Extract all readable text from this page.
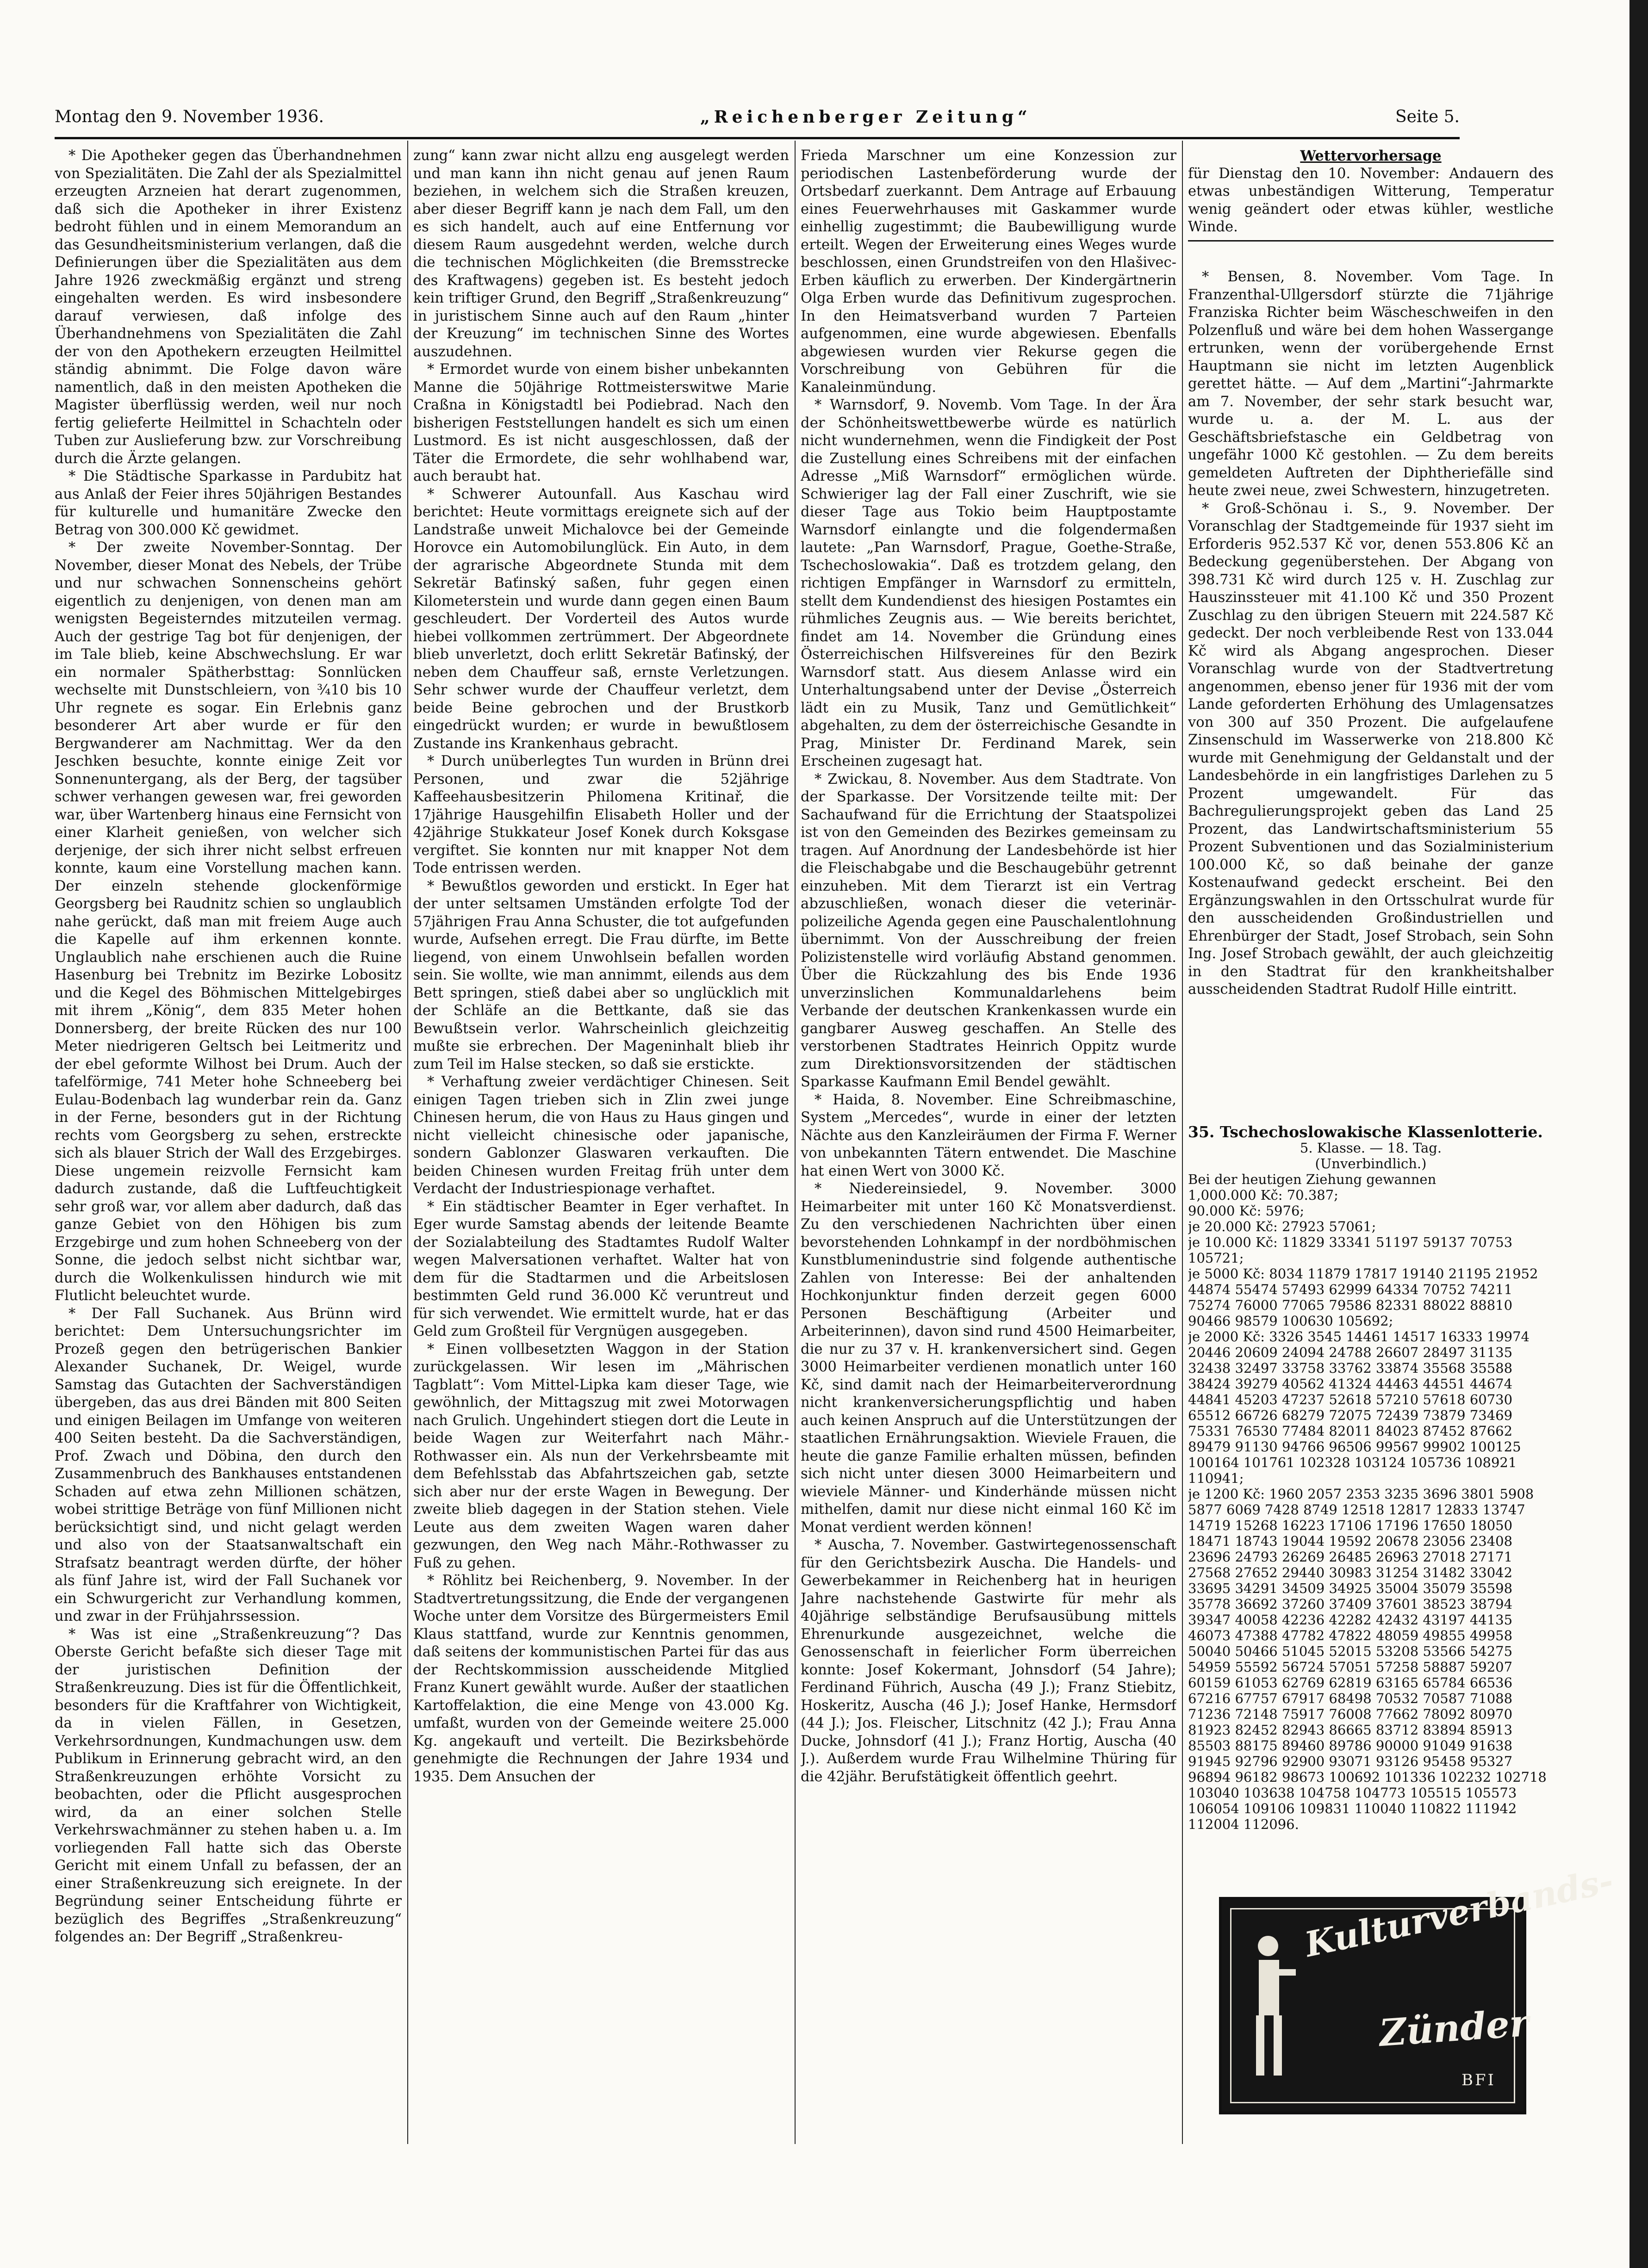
Montag den 9. November 1936.	„Reichenberger Zeitung“	Seite 5.

* Die Apotheker gegen das Überhandnehmen von Spezialitäten. Die Zahl der als Spezialmittel erzeugten Arzneien hat derart zugenommen, daß sich die Apotheker in ihrer Existenz bedroht fühlen und in einem Memorandum an das Gesundheitsministerium verlangen, daß die Definierungen über die Spezialitäten aus dem Jahre 1926 zweckmäßig ergänzt und streng eingehalten werden. Es wird insbesondere darauf verwiesen, daß infolge des Überhandnehmens von Spezialitäten die Zahl der von den Apothekern erzeugten Heilmittel ständig abnimmt. Die Folge davon wäre namentlich, daß in den meisten Apotheken die Magister überflüssig werden, weil nur noch fertig gelieferte Heilmittel in Schachteln oder Tuben zur Auslieferung bzw. zur Vorschreibung durch die Ärzte gelangen.

* Die Städtische Sparkasse in Pardubitz hat aus Anlaß der Feier ihres 50jährigen Bestandes für kulturelle und humanitäre Zwecke den Betrag von 300.000 Kč gewidmet.

* Der zweite November-Sonntag. Der November, dieser Monat des Nebels, der Trübe und nur schwachen Sonnenscheins gehört eigentlich zu denjenigen, von denen man am wenigsten Begeisterndes mitzuteilen vermag. Auch der gestrige Tag bot für denjenigen, der im Tale blieb, keine Abschwechslung. Er war ein normaler Spätherbsttag: Sonnlücken wechselte mit Dunstschleiern, von ¾10 bis 10 Uhr regnete es sogar. Ein Erlebnis ganz besonderer Art aber wurde er für den Bergwanderer am Nachmittag. Wer da den Jeschken besuchte, konnte einige Zeit vor Sonnenuntergang, als der Berg, der tagsüber schwer verhangen gewesen war, frei geworden war, über Wartenberg hinaus eine Fernsicht von einer Klarheit genießen, von welcher sich derjenige, der sich ihrer nicht selbst erfreuen konnte, kaum eine Vorstellung machen kann. Der einzeln stehende glockenförmige Georgsberg bei Raudnitz schien so unglaublich nahe gerückt, daß man mit freiem Auge auch die Kapelle auf ihm erkennen konnte. Unglaublich nahe erschienen auch die Ruine Hasenburg bei Trebnitz im Bezirke Lobositz und die Kegel des Böhmischen Mittelgebirges mit ihrem „König“, dem 835 Meter hohen Donnersberg, der breite Rücken des nur 100 Meter niedrigeren Geltsch bei Leitmeritz und der ebel geformte Wilhost bei Drum. Auch der tafelförmige, 741 Meter hohe Schneeberg bei Eulau-Bodenbach lag wunderbar rein da. Ganz in der Ferne, besonders gut in der Richtung rechts vom Georgsberg zu sehen, erstreckte sich als blauer Strich der Wall des Erzgebirges. Diese ungemein reizvolle Fernsicht kam dadurch zustande, daß die Luftfeuchtigkeit sehr groß war, vor allem aber dadurch, daß das ganze Gebiet von den Höhigen bis zum Erzgebirge und zum hohen Schneeberg von der Sonne, die jedoch selbst nicht sichtbar war, durch die Wolkenkulissen hindurch wie mit Flutlicht beleuchtet wurde.

* Der Fall Suchanek. Aus Brünn wird berichtet: Dem Untersuchungsrichter im Prozeß gegen den betrügerischen Bankier Alexander Suchanek, Dr. Weigel, wurde Samstag das Gutachten der Sachverständigen übergeben, das aus drei Bänden mit 800 Seiten und einigen Beilagen im Umfange von weiteren 400 Seiten besteht. Da die Sachverständigen, Prof. Zwach und Döbina, den durch den Zusammenbruch des Bankhauses entstandenen Schaden auf etwa zehn Millionen schätzen, wobei strittige Beträge von fünf Millionen nicht berücksichtigt sind, und nicht gelagt werden und also von der Staatsanwaltschaft ein Strafsatz beantragt werden dürfte, der höher als fünf Jahre ist, wird der Fall Suchanek vor ein Schwurgericht zur Verhandlung kommen, und zwar in der Frühjahrssession.

* Was ist eine „Straßenkreuzung“? Das Oberste Gericht befaßte sich dieser Tage mit der juristischen Definition der Straßenkreuzung. Dies ist für die Öffentlichkeit, besonders für die Kraftfahrer von Wichtigkeit, da in vielen Fällen, in Gesetzen, Verkehrsordnungen, Kundmachungen usw. dem Publikum in Erinnerung gebracht wird, an den Straßenkreuzungen erhöhte Vorsicht zu beobachten, oder die Pflicht ausgesprochen wird, da an einer solchen Stelle Verkehrswachmänner zu stehen haben u. a. Im vorliegenden Fall hatte sich das Oberste Gericht mit einem Unfall zu befassen, der an einer Straßenkreuzung sich ereignete. In der Begründung seiner Entscheidung führte er bezüglich des Begriffes „Straßenkreuzung“ folgendes an: Der Begriff „Straßenkreu-

zung“ kann zwar nicht allzu eng ausgelegt werden und man kann ihn nicht genau auf jenen Raum beziehen, in welchem sich die Straßen kreuzen, aber dieser Begriff kann je nach dem Fall, um den es sich handelt, auch auf eine Entfernung vor diesem Raum ausgedehnt werden, welche durch die technischen Möglichkeiten (die Bremsstrecke des Kraftwagens) gegeben ist. Es besteht jedoch kein triftiger Grund, den Begriff „Straßenkreuzung“ in juristischem Sinne auch auf den Raum „hinter der Kreuzung“ im technischen Sinne des Wortes auszudehnen.

* Ermordet wurde von einem bisher unbekannten Manne die 50jährige Rottmeisterswitwe Marie Craßna in Königstadtl bei Podiebrad. Nach den bisherigen Feststellungen handelt es sich um einen Lustmord. Es ist nicht ausgeschlossen, daß der Täter die Ermordete, die sehr wohlhabend war, auch beraubt hat.

* Schwerer Autounfall. Aus Kaschau wird berichtet: Heute vormittags ereignete sich auf der Landstraße unweit Michalovce bei der Gemeinde Horovce ein Automobilunglück. Ein Auto, in dem der agrarische Abgeordnete Stunda mit dem Sekretär Baťinský saßen, fuhr gegen einen Kilometerstein und wurde dann gegen einen Baum geschleudert. Der Vorderteil des Autos wurde hiebei vollkommen zertrümmert. Der Abgeordnete blieb unverletzt, doch erlitt Sekretär Baťinský, der neben dem Chauffeur saß, ernste Verletzungen. Sehr schwer wurde der Chauffeur verletzt, dem beide Beine gebrochen und der Brustkorb eingedrückt wurden; er wurde in bewußtlosem Zustande ins Krankenhaus gebracht.

* Durch unüberlegtes Tun wurden in Brünn drei Personen, und zwar die 52jährige Kaffeehausbesitzerin Philomena Kritinař, die 17jährige Hausgehilfin Elisabeth Holler und der 42jährige Stukkateur Josef Konek durch Koksgase vergiftet. Sie konnten nur mit knapper Not dem Tode entrissen werden.

* Bewußtlos geworden und erstickt. In Eger hat der unter seltsamen Umständen erfolgte Tod der 57jährigen Frau Anna Schuster, die tot aufgefunden wurde, Aufsehen erregt. Die Frau dürfte, im Bette liegend, von einem Unwohlsein befallen worden sein. Sie wollte, wie man annimmt, eilends aus dem Bett springen, stieß dabei aber so unglücklich mit der Schläfe an die Bettkante, daß sie das Bewußtsein verlor. Wahrscheinlich gleichzeitig mußte sie erbrechen. Der Mageninhalt blieb ihr zum Teil im Halse stecken, so daß sie erstickte.

* Verhaftung zweier verdächtiger Chinesen. Seit einigen Tagen trieben sich in Zlin zwei junge Chinesen herum, die von Haus zu Haus gingen und nicht vielleicht chinesische oder japanische, sondern Gablonzer Glaswaren verkauften. Die beiden Chinesen wurden Freitag früh unter dem Verdacht der Industriespionage verhaftet.

* Ein städtischer Beamter in Eger verhaftet. In Eger wurde Samstag abends der leitende Beamte der Sozialabteilung des Stadtamtes Rudolf Walter wegen Malversationen verhaftet. Walter hat von dem für die Stadtarmen und die Arbeitslosen bestimmten Geld rund 36.000 Kč veruntreut und für sich verwendet. Wie ermittelt wurde, hat er das Geld zum Großteil für Vergnügen ausgegeben.

* Einen vollbesetzten Waggon in der Station zurückgelassen. Wir lesen im „Mährischen Tagblatt“: Vom Mittel-Lipka kam dieser Tage, wie gewöhnlich, der Mittagszug mit zwei Motorwagen nach Grulich. Ungehindert stiegen dort die Leute in beide Wagen zur Weiterfahrt nach Mähr.-Rothwasser ein. Als nun der Verkehrsbeamte mit dem Befehlsstab das Abfahrtszeichen gab, setzte sich aber nur der erste Wagen in Bewegung. Der zweite blieb dagegen in der Station stehen. Viele Leute aus dem zweiten Wagen waren daher gezwungen, den Weg nach Mähr.-Rothwasser zu Fuß zu gehen.

* Röhlitz bei Reichenberg, 9. November. In der Stadtvertretungssitzung, die Ende der vergangenen Woche unter dem Vorsitze des Bürgermeisters Emil Klaus stattfand, wurde zur Kenntnis genommen, daß seitens der kommunistischen Partei für das aus der Rechtskommission ausscheidende Mitglied Franz Kunert gewählt wurde. Außer der staatlichen Kartoffelaktion, die eine Menge von 43.000 Kg. umfaßt, wurden von der Gemeinde weitere 25.000 Kg. angekauft und verteilt. Die Bezirksbehörde genehmigte die Rechnungen der Jahre 1934 und 1935. Dem Ansuchen der

Frieda Marschner um eine Konzession zur periodischen Lastenbeförderung wurde der Ortsbedarf zuerkannt. Dem Antrage auf Erbauung eines Feuerwehrhauses mit Gaskammer wurde einhellig zugestimmt; die Baubewilligung wurde erteilt. Wegen der Erweiterung eines Weges wurde beschlossen, einen Grundstreifen von den Hlašivec-Erben käuflich zu erwerben. Der Kindergärtnerin Olga Erben wurde das Definitivum zugesprochen. In den Heimatsverband wurden 7 Parteien aufgenommen, eine wurde abgewiesen. Ebenfalls abgewiesen wurden vier Rekurse gegen die Vorschreibung von Gebühren für die Kanaleinmündung.

* Warnsdorf, 9. Novemb. Vom Tage. In der Ära der Schönheitswettbewerbe würde es natürlich nicht wundernehmen, wenn die Findigkeit der Post die Zustellung eines Schreibens mit der einfachen Adresse „Miß Warnsdorf“ ermöglichen würde. Schwieriger lag der Fall einer Zuschrift, wie sie dieser Tage aus Tokio beim Hauptpostamte Warnsdorf einlangte und die folgendermaßen lautete: „Pan Warnsdorf, Prague, Goethe-Straße, Tschechoslowakia“. Daß es trotzdem gelang, den richtigen Empfänger in Warnsdorf zu ermitteln, stellt dem Kundendienst des hiesigen Postamtes ein rühmliches Zeugnis aus. — Wie bereits berichtet, findet am 14. November die Gründung eines Österreichischen Hilfsvereines für den Bezirk Warnsdorf statt. Aus diesem Anlasse wird ein Unterhaltungsabend unter der Devise „Österreich lädt ein zu Musik, Tanz und Gemütlichkeit“ abgehalten, zu dem der österreichische Gesandte in Prag, Minister Dr. Ferdinand Marek, sein Erscheinen zugesagt hat.

* Zwickau, 8. November. Aus dem Stadtrate. Von der Sparkasse. Der Vorsitzende teilte mit: Der Sachaufwand für die Errichtung der Staatspolizei ist von den Gemeinden des Bezirkes gemeinsam zu tragen. Auf Anordnung der Landesbehörde ist hier die Fleischabgabe und die Beschaugebühr getrennt einzuheben. Mit dem Tierarzt ist ein Vertrag abzuschließen, wonach dieser die veterinär-polizeiliche Agenda gegen eine Pauschalentlohnung übernimmt. Von der Ausschreibung der freien Polizistenstelle wird vorläufig Abstand genommen. Über die Rückzahlung des bis Ende 1936 unverzinslichen Kommunaldarlehens beim Verbande der deutschen Krankenkassen wurde ein gangbarer Ausweg geschaffen. An Stelle des verstorbenen Stadtrates Heinrich Oppitz wurde zum Direktionsvorsitzenden der städtischen Sparkasse Kaufmann Emil Bendel gewählt.

* Haida, 8. November. Eine Schreibmaschine, System „Mercedes“, wurde in einer der letzten Nächte aus den Kanzleiräumen der Firma F. Werner von unbekannten Tätern entwendet. Die Maschine hat einen Wert von 3000 Kč.

* Niedereinsiedel, 9. November. 3000 Heimarbeiter mit unter 160 Kč Monatsverdienst. Zu den verschiedenen Nachrichten über einen bevorstehenden Lohnkampf in der nordböhmischen Kunstblumenindustrie sind folgende authentische Zahlen von Interesse: Bei der anhaltenden Hochkonjunktur finden derzeit gegen 6000 Personen Beschäftigung (Arbeiter und Arbeiterinnen), davon sind rund 4500 Heimarbeiter, die nur zu 37 v. H. krankenversichert sind. Gegen 3000 Heimarbeiter verdienen monatlich unter 160 Kč, sind damit nach der Heimarbeiterverordnung nicht krankenversicherungspflichtig und haben auch keinen Anspruch auf die Unterstützungen der staatlichen Ernährungsaktion. Wieviele Frauen, die heute die ganze Familie erhalten müssen, befinden sich nicht unter diesen 3000 Heimarbeitern und wieviele Männer- und Kinderhände müssen nicht mithelfen, damit nur diese nicht einmal 160 Kč im Monat verdient werden können!

* Auscha, 7. November. Gastwirtegenossenschaft für den Gerichtsbezirk Auscha. Die Handels- und Gewerbekammer in Reichenberg hat in heurigen Jahre nachstehende Gastwirte für mehr als 40jährige selbständige Berufsausübung mittels Ehrenurkunde ausgezeichnet, welche die Genossenschaft in feierlicher Form überreichen konnte: Josef Kokermant, Johnsdorf (54 Jahre); Ferdinand Führich, Auscha (49 J.); Franz Stiebitz, Hoskeritz, Auscha (46 J.); Josef Hanke, Hermsdorf (44 J.); Jos. Fleischer, Litschnitz (42 J.); Frau Anna Ducke, Johnsdorf (41 J.); Franz Hortig, Auscha (40 J.). Außerdem wurde Frau Wilhelmine Thüring für die 42jähr. Berufstätigkeit öffentlich geehrt.

Wettervorhersage
für Dienstag den 10. November: Andauern des etwas unbeständigen Witterung, Temperatur wenig geändert oder etwas kühler, westliche Winde.

* Bensen, 8. November. Vom Tage. In Franzenthal-Ullgersdorf stürzte die 71jährige Franziska Richter beim Wäscheschweifen in den Polzenfluß und wäre bei dem hohen Wassergange ertrunken, wenn der vorübergehende Ernst Hauptmann sie nicht im letzten Augenblick gerettet hätte. — Auf dem „Martini“-Jahrmarkte am 7. November, der sehr stark besucht war, wurde u. a. der M. L. aus der Geschäftsbriefstasche ein Geldbetrag von ungefähr 1000 Kč gestohlen. — Zu dem bereits gemeldeten Auftreten der Diphtheriefälle sind heute zwei neue, zwei Schwestern, hinzugetreten.

* Groß-Schönau i. S., 9. November. Der Voranschlag der Stadtgemeinde für 1937 sieht im Erforderis 952.537 Kč vor, denen 553.806 Kč an Bedeckung gegenüberstehen. Der Abgang von 398.731 Kč wird durch 125 v. H. Zuschlag zur Hauszinssteuer mit 41.100 Kč und 350 Prozent Zuschlag zu den übrigen Steuern mit 224.587 Kč gedeckt. Der noch verbleibende Rest von 133.044 Kč wird als Abgang angesprochen. Dieser Voranschlag wurde von der Stadtvertretung angenommen, ebenso jener für 1936 mit der vom Lande geforderten Erhöhung des Umlagensatzes von 300 auf 350 Prozent. Die aufgelaufene Zinsenschuld im Wasserwerke von 218.800 Kč wurde mit Genehmigung der Geldanstalt und der Landesbehörde in ein langfristiges Darlehen zu 5 Prozent umgewandelt. Für das Bachregulierungsprojekt geben das Land 25 Prozent, das Landwirtschaftsministerium 55 Prozent Subventionen und das Sozialministerium 100.000 Kč, so daß beinahe der ganze Kostenaufwand gedeckt erscheint. Bei den Ergänzungswahlen in den Ortsschulrat wurde für den ausscheidenden Großindustriellen und Ehrenbürger der Stadt, Josef Strobach, sein Sohn Ing. Josef Strobach gewählt, der auch gleichzeitig in den Stadtrat für den krankheitshalber ausscheidenden Stadtrat Rudolf Hille eintritt.

35. Tschechoslowakische Klassenlotterie.
5. Klasse. — 18. Tag.
(Unverbindlich.)

Bei der heutigen Ziehung gewannen

1,000.000 Kč: 70.387;

90.000 Kč: 5976;

je 20.000 Kč: 27923 57061;

je 10.000 Kč: 11829 33341 51197 59137 70753 105721;

je 5000 Kč: 8034 11879 17817 19140 21195 21952 44874 55474 57493 62999 64334 70752 74211 75274 76000 77065 79586 82331 88022 88810 90466 98579 100630 105692;

je 2000 Kč: 3326 3545 14461 14517 16333 19974 20446 20609 24094 24788 26607 28497 31135 32438 32497 33758 33762 33874 35568 35588 38424 39279 40562 41324 44463 44551 44674 44841 45203 47237 52618 57210 57618 60730 65512 66726 68279 72075 72439 73879 73469 75331 76530 77484 82011 84023 87452 87662 89479 91130 94766 96506 99567 99902 100125 100164 101761 102328 103124 105736 108921 110941;

je 1200 Kč: 1960 2057 2353 3235 3696 3801 5908 5877 6069 7428 8749 12518 12817 12833 13747 14719 15268 16223 17106 17196 17650 18050 18471 18743 19044 19592 20678 23056 23408 23696 24793 26269 26485 26963 27018 27171 27568 27652 29440 30983 31254 31482 33042 33695 34291 34509 34925 35004 35079 35598 35778 36692 37260 37409 37601 38523 38794 39347 40058 42236 42282 42432 43197 44135 46073 47388 47782 47822 48059 49855 49958 50040 50466 51045 52015 53208 53566 54275 54959 55592 56724 57051 57258 58887 59207 60159 61053 62769 62819 63165 65784 66536 67216 67757 67917 68498 70532 70587 71088 71236 72148 75917 76008 77662 78092 80970 81923 82452 82943 86665 83712 83894 85913 85503 88175 89460 89786 90000 91049 91638 91945 92796 92900 93071 93126 95458 95327 96894 96182 98673 100692 101336 102232 102718 103040 103638 104758 104773 105515 105573 106054 109106 109831 110040 110822 111942 112004 112096.

Kulturverbands-
Zünder
BFI
